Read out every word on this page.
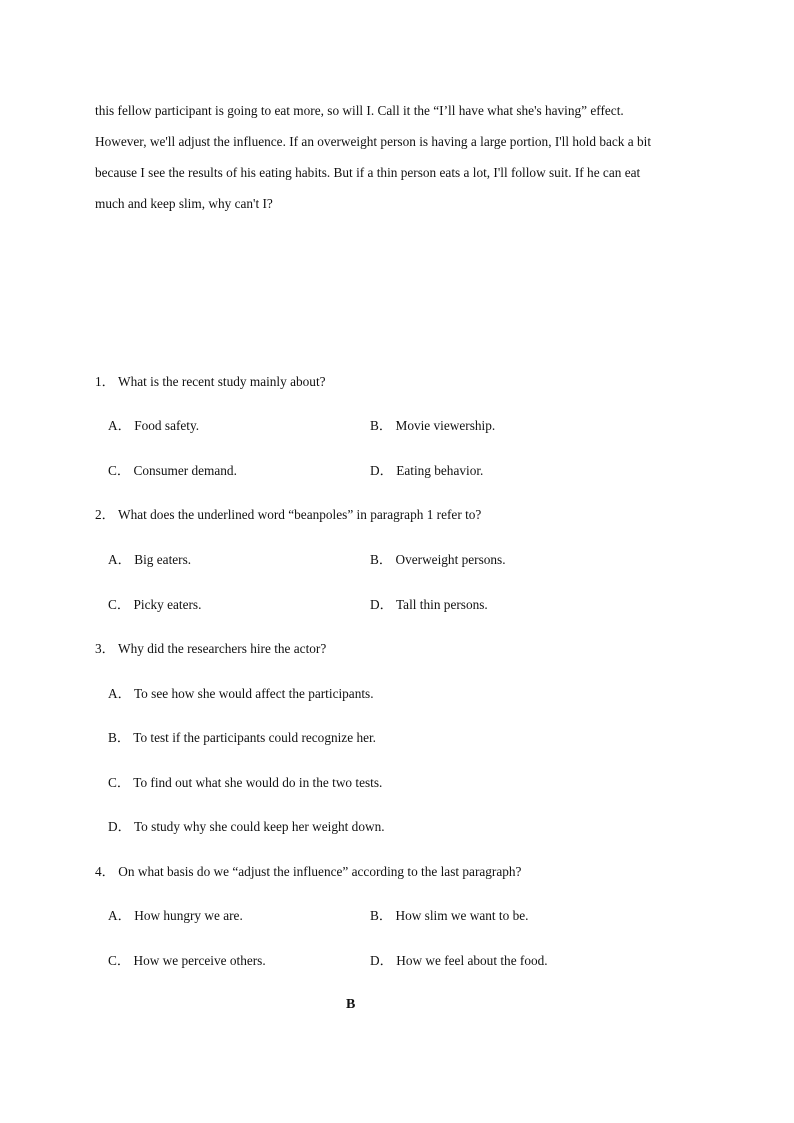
this fellow participant is going to eat more, so will I. Call it the “I’ll have what she's having” effect.
However, we'll adjust the influence. If an overweight person is having a large portion, I'll hold back a bit
because I see the results of his eating habits. But if a thin person eats a lot, I'll follow suit. If he can eat
much and keep slim, why can't I?
1． What is the recent study mainly about?
A． Food safety.	B． Movie viewership.
C． Consumer demand.	D． Eating behavior.
2． What does the underlined word “beanpoles” in paragraph 1 refer to?
A． Big eaters.	B． Overweight persons.
C． Picky eaters.	D． Tall thin persons.
3． Why did the researchers hire the actor?
A． To see how she would affect the participants.
B． To test if the participants could recognize her.
C． To find out what she would do in the two tests.
D． To study why she could keep her weight down.
4． On what basis do we “adjust the influence” according to the last paragraph?
A． How hungry we are.	B． How slim we want to be.
C． How we perceive others.	D． How we feel about the food.
B
